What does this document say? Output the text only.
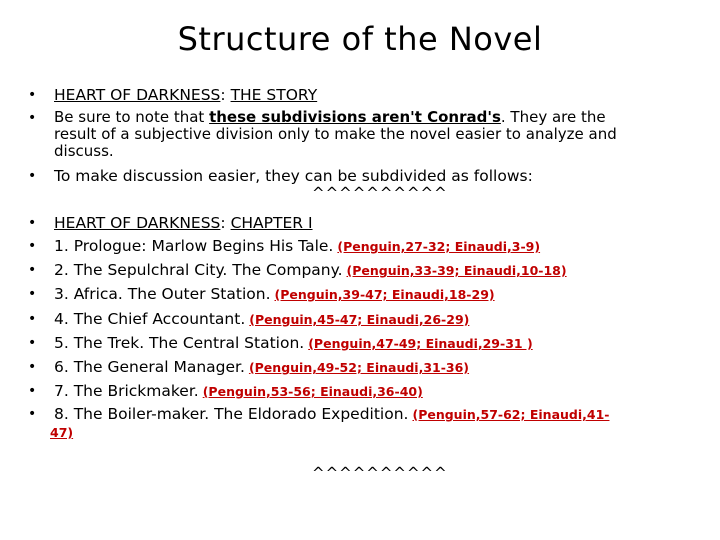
Structure of the Novel
• HEART OF DARKNESS: THE STORY
• Be sure to note that these subdivisions aren't Conrad's. They are the
result of a subjective division only to make the novel easier to analyze and
discuss.
• To make discussion easier, they can be subdivided as follows:
^^^^^^^^^^
• HEART OF DARKNESS: CHAPTER I
• 1. Prologue: Marlow Begins His Tale. (Penguin,27-32; Einaudi,3-9)
• 2. The Sepulchral City. The Company. (Penguin,33-39; Einaudi,10-18)
• 3. Africa. The Outer Station. (Penguin,39-47; Einaudi,18-29)
• 4. The Chief Accountant. (Penguin,45-47; Einaudi,26-29)
• 5. The Trek. The Central Station. (Penguin,47-49; Einaudi,29-31 )
• 6. The General Manager. (Penguin,49-52; Einaudi,31-36)
• 7. The Brickmaker. (Penguin,53-56; Einaudi,36-40)
• 8. The Boiler-maker. The Eldorado Expedition. (Penguin,57-62; Einaudi,41-
47)
^^^^^^^^^^
